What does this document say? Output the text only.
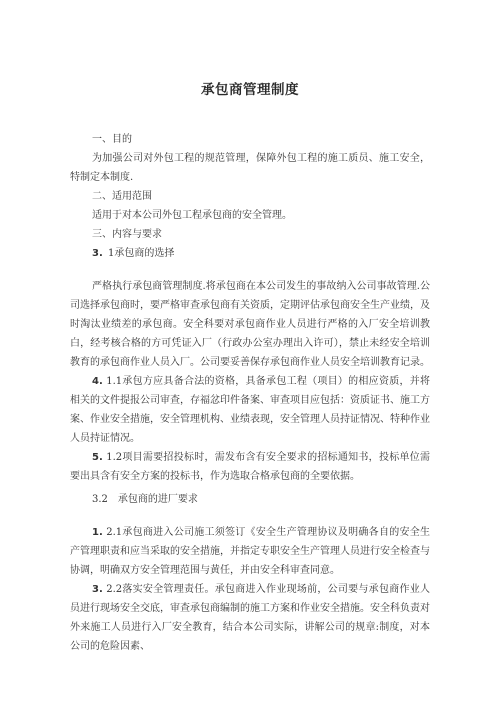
承包商管理制度
一、目的
为加强公司对外包工程的规范管理，保障外包工程的施工质员、施工安全，特制定本制度.
二、适用范围
适用于对本公司外包工程承包商的安全管理。
三、内容与要求
3. 1承包商的选择
严格执行承包商管理制度.将承包商在本公司发生的事故纳入公司事故管理.公司选择承包商时，要严格审查承包商有关资质，定期评估承包商安全生产业绩，及时淘汰业绩差的承包商。安全科要对承包商作业人员进行严格的入厂安全培训教白，经考核合格的方可凭证入厂（行政办公室办理出入许可），禁止未经安全培训教育的承包商作业人员入厂。公司要妥善保存承包商作业人员安全培训教育记录。
4. 1.1承包方应具备合法的资格，具备承包工程（项目）的相应资质，并将相关的文件提报公司审查，存福忿印件备案、审查项目应包括：资质证书、施工方案、作业安全措施，安全管理机构、业绩表现，安全管理人员持证情况、特种作业人员持证情况。
5. 1.2项目需要招投标时，需发布含有安全要求的招标通知书，投标单位需要出具含有安全方案的投标书，作为选取合格承包商的全要依据。
3.2　承包商的进厂要求
1. 2.1承包商进入公司施工须签订《安全生产管理协议及明确各自的安全生产管理职责和应当采取的安全措施，并指定专职安全生产管理人员进行安全检查与协调，明确双方安全管理范围与黄任，并由安全科审查同意。
3. 2.2落实安全管理责任。承包商进入作业现场前，公司要与承包商作业人员进行现场安全交底，审查承包商编制的施工方案和作业安全措施。安全科负责对外来施工人员进行入厂安全教育，结合本公司实际，讲解公司的规章:制度，对本公司的危险因素、
